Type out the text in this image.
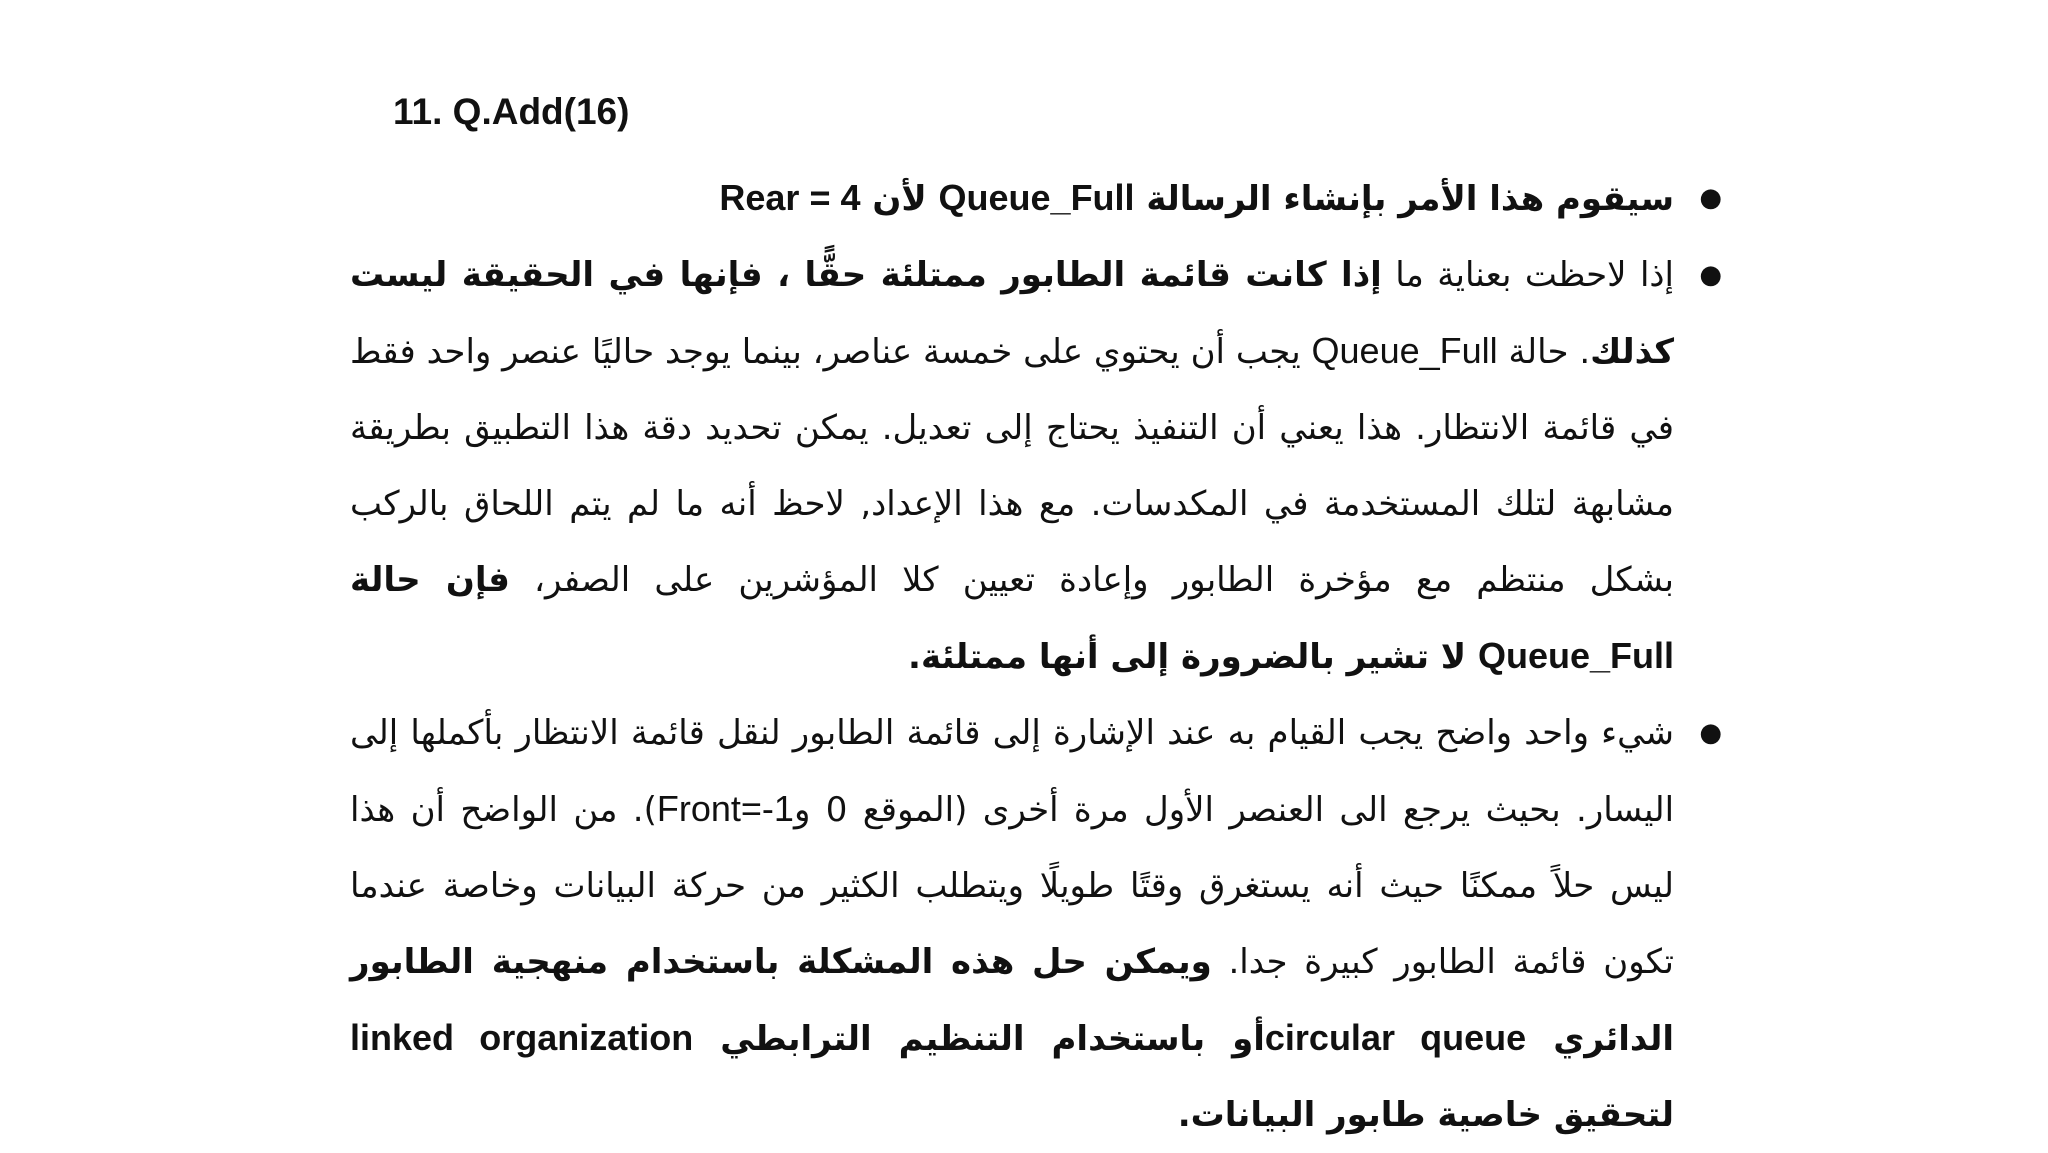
11. Q.Add(16)
●
سيقوم هذا الأمر بإنشاء الرسالة Queue_Full لأن Rear = 4
●
إذا لاحظت بعناية ما إذا كانت قائمة الطابور ممتلئة حقًّا ، فإنها في الحقيقة ليست كذلك. حالة Queue_Full يجب أن يحتوي على خمسة عناصر، بينما يوجد حاليًا عنصر واحد فقط في قائمة الانتظار. هذا يعني أن التنفيذ يحتاج إلى تعديل. يمكن تحديد دقة هذا التطبيق بطريقة مشابهة لتلك المستخدمة في المكدسات. مع هذا الإعداد, لاحظ أنه ما لم يتم اللحاق بالركب بشكل منتظم مع مؤخرة الطابور وإعادة تعيين كلا المؤشرين على الصفر، فإن حالة Queue_Full لا تشير بالضرورة إلى أنها ممتلئة.
●
شيء واحد واضح يجب القيام به عند الإشارة إلى قائمة الطابور لنقل قائمة الانتظار بأكملها إلى اليسار. بحيث يرجع الى العنصر الأول مرة أخرى (الموقع 0 وFront=-1). من الواضح أن هذا ليس حلاً ممكنًا حيث أنه يستغرق وقتًا طويلًا ويتطلب الكثير من حركة البيانات وخاصة عندما تكون قائمة الطابور كبيرة جدا. ويمكن حل هذه المشكلة باستخدام منهجية الطابور الدائري circular queueأو باستخدام التنظيم الترابطي linked organization لتحقيق خاصية طابور البيانات.
